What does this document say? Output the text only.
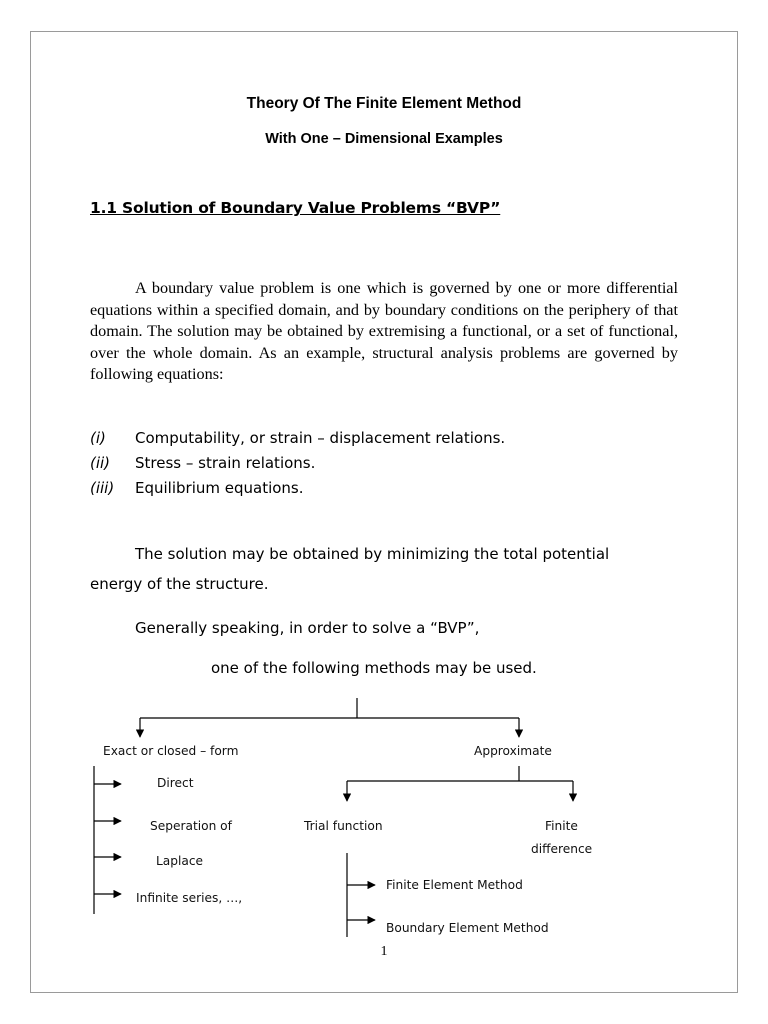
Theory Of The Finite Element Method
With One – Dimensional Examples
1.1 Solution of Boundary Value Problems “BVP”

A boundary value problem is one which is governed by one or more differential equations within a specified domain, and by boundary conditions on the periphery of that domain. The solution may be obtained by extremising a functional, or a set of functional, over the whole domain. As an example, structural analysis problems are governed by following equations:

(i) Computability, or strain – displacement relations.
(ii) Stress – strain relations.
(iii) Equilibrium equations.
The solution may be obtained by minimizing the total potential
energy of the structure.
Generally speaking, in order to solve a “BVP”,
one of the following methods may be used.
Exact or closed – form	Approximate
Direct
Seperation of
Laplace
Infinite series, …,
Trial function	Finite
difference
Finite Element Method
Boundary Element Method
1
